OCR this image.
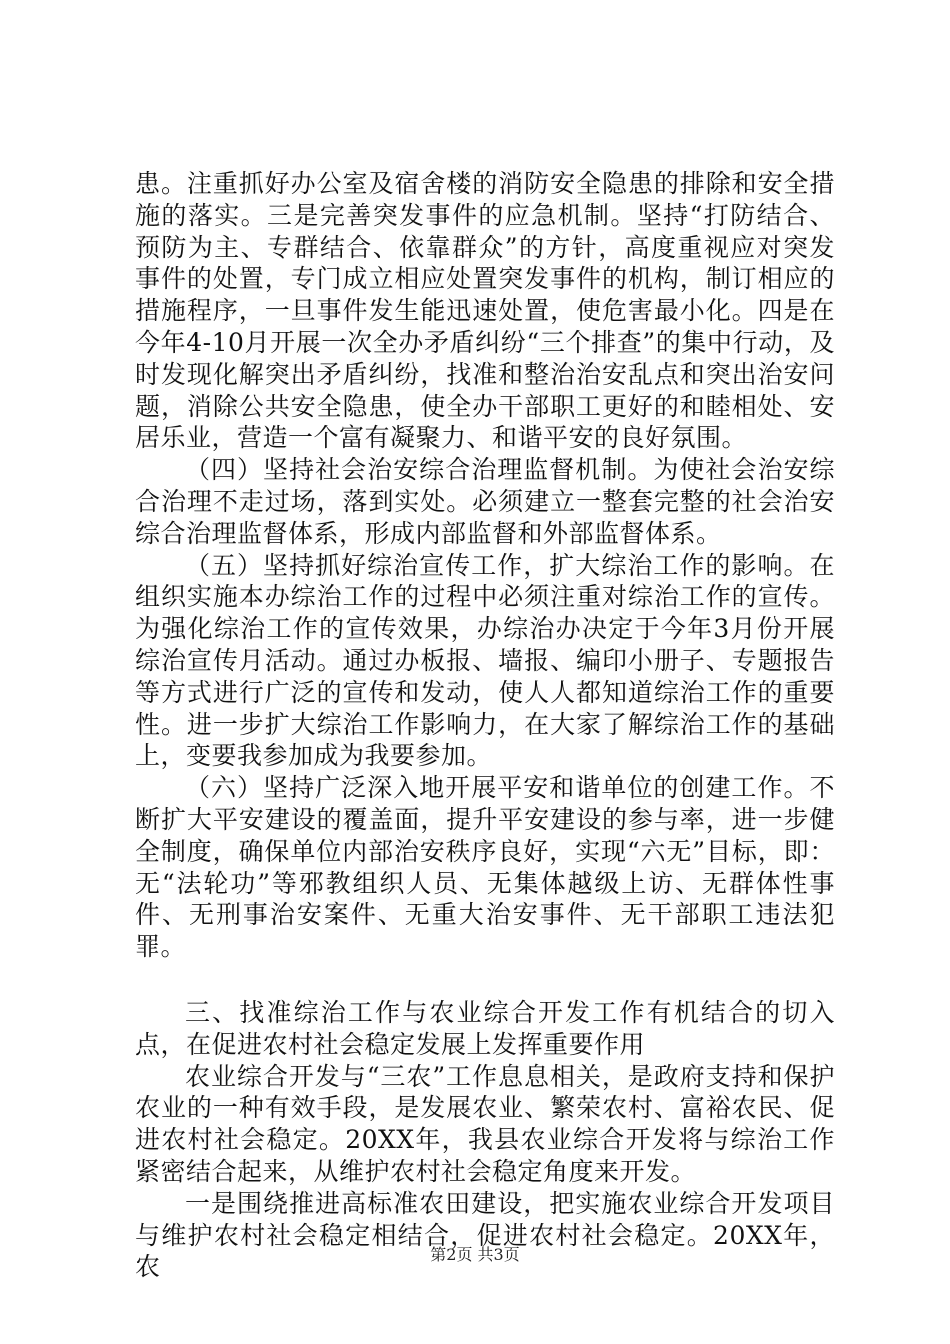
患。注重抓好办公室及宿舍楼的消防安全隐患的排除和安全措施的落实。三是完善突发事件的应急机制。坚持“打防结合、预防为主、专群结合、依靠群众”的方针，高度重视应对突发事件的处置，专门成立相应处置突发事件的机构，制订相应的措施程序，一旦事件发生能迅速处置，使危害最小化。四是在今年4-10月开展一次全办矛盾纠纷“三个排查”的集中行动，及时发现化解突出矛盾纠纷，找准和整治治安乱点和突出治安问题，消除公共安全隐患，使全办干部职工更好的和睦相处、安居乐业，营造一个富有凝聚力、和谐平安的良好氛围。

（四）坚持社会治安综合治理监督机制。为使社会治安综合治理不走过场，落到实处。必须建立一整套完整的社会治安综合治理监督体系，形成内部监督和外部监督体系。

（五）坚持抓好综治宣传工作，扩大综治工作的影响。在组织实施本办综治工作的过程中必须注重对综治工作的宣传。为强化综治工作的宣传效果，办综治办决定于今年3月份开展综治宣传月活动。通过办板报、墙报、编印小册子、专题报告等方式进行广泛的宣传和发动，使人人都知道综治工作的重要性。进一步扩大综治工作影响力，在大家了解综治工作的基础上，变要我参加成为我要参加。

（六）坚持广泛深入地开展平安和谐单位的创建工作。不断扩大平安建设的覆盖面，提升平安建设的参与率，进一步健全制度，确保单位内部治安秩序良好，实现“六无”目标，即：无“法轮功”等邪教组织人员、无集体越级上访、无群体性事件、无刑事治安案件、无重大治安事件、无干部职工违法犯罪。

三、找准综治工作与农业综合开发工作有机结合的切入点，在促进农村社会稳定发展上发挥重要作用

农业综合开发与“三农”工作息息相关，是政府支持和保护农业的一种有效手段，是发展农业、繁荣农村、富裕农民、促进农村社会稳定。20XX年，我县农业综合开发将与综治工作紧密结合起来，从维护农村社会稳定角度来开发。

一是围绕推进高标准农田建设，把实施农业综合开发项目与维护农村社会稳定相结合，促进农村社会稳定。20XX年，农	第2页 共3页
